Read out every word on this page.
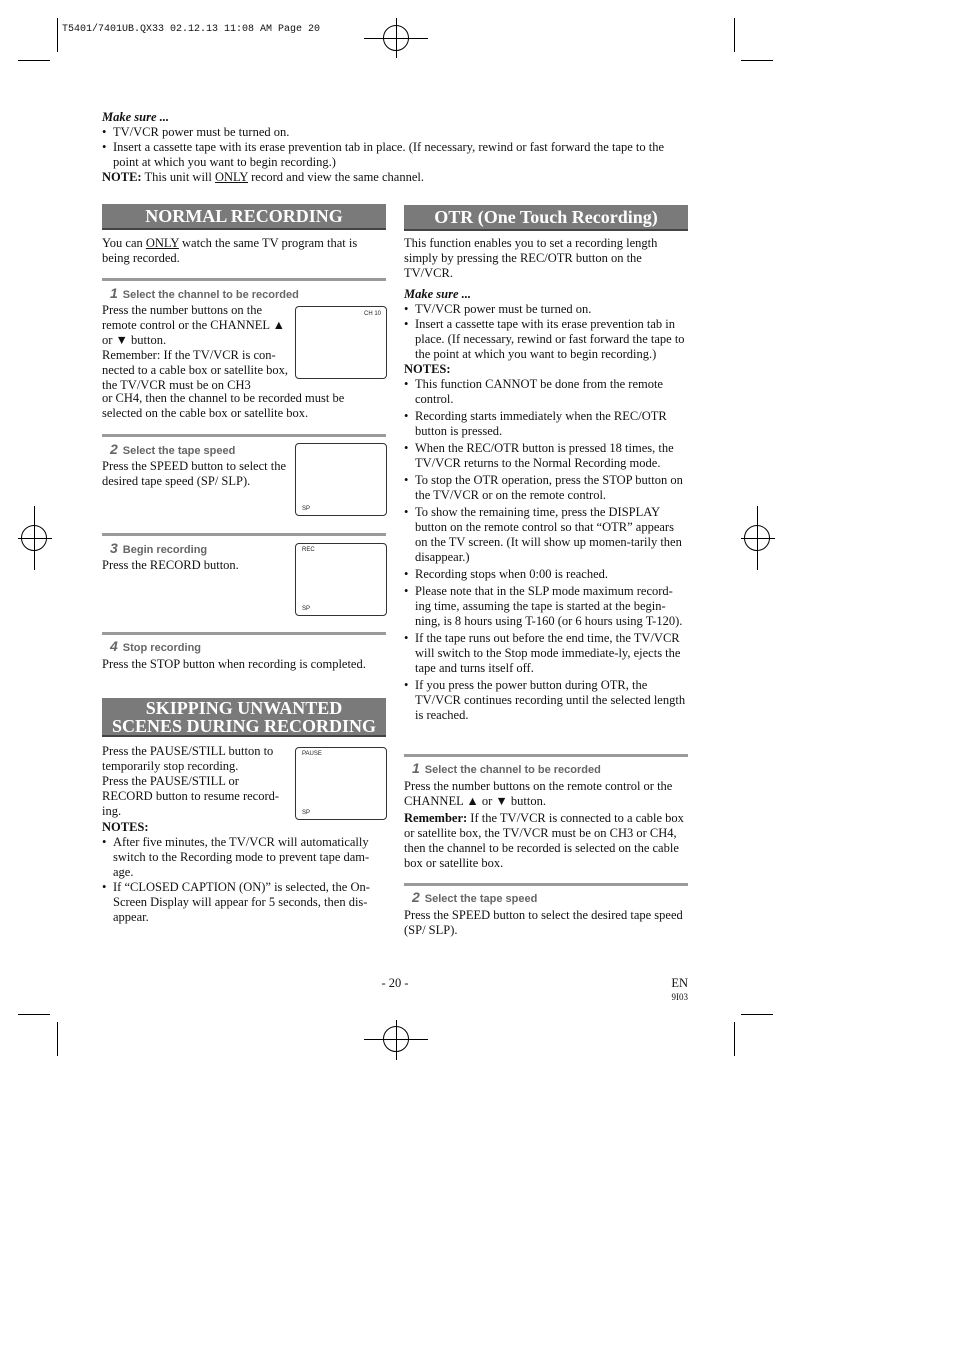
T5401/7401UB.QX33 02.12.13 11:08 AM Page 20
Make sure ...
• TV/VCR power must be turned on.
• Insert a cassette tape with its erase prevention tab in place. (If necessary, rewind or fast forward the tape to the point at which you want to begin recording.)
NOTE: This unit will ONLY record and view the same channel.
NORMAL RECORDING
You can ONLY watch the same TV program that is being recorded.
1 Select the channel to be recorded
CH 10
Press the number buttons on the remote control or the CHANNEL ▲ or ▼ button.
Remember: If the TV/VCR is con-nected to a cable box or satellite box, the TV/VCR must be on CH3
or CH4, then the channel to be recorded must be selected on the cable box or satellite box.
2 Select the tape speed
Press the SPEED button to select the desired tape speed (SP/ SLP).
SP
3 Begin recording
Press the RECORD button.
REC
SP
4 Stop recording
Press the STOP button when recording is completed.
SKIPPING UNWANTED
SCENES DURING RECORDING
Press the PAUSE/STILL button to temporarily stop recording.
Press the PAUSE/STILL or RECORD button to resume record-ing.
PAUSE
SP
NOTES:
• After five minutes, the TV/VCR will automatically switch to the Recording mode to prevent tape dam-age.
• If “CLOSED CAPTION (ON)” is selected, the On-Screen Display will appear for 5 seconds, then dis-appear.
OTR (One Touch Recording)
This function enables you to set a recording length simply by pressing the REC/OTR button on the TV/VCR.
Make sure ...
• TV/VCR power must be turned on.
• Insert a cassette tape with its erase prevention tab in place. (If necessary, rewind or fast forward the tape to the point at which you want to begin recording.)
NOTES:
• This function CANNOT be done from the remote control.
• Recording starts immediately when the REC/OTR button is pressed.
• When the REC/OTR button is pressed 18 times, the TV/VCR returns to the Normal Recording mode.
• To stop the OTR operation, press the STOP button on the TV/VCR or on the remote control.
• To show the remaining time, press the DISPLAY button on the remote control so that “OTR” appears on the TV screen. (It will show up momen-tarily then disappear.)
• Recording stops when 0:00 is reached.
• Please note that in the SLP mode maximum record-ing time, assuming the tape is started at the begin-ning, is 8 hours using T-160 (or 6 hours using T-120).
• If the tape runs out before the end time, the TV/VCR will switch to the Stop mode immediate-ly, ejects the tape and turns itself off.
• If you press the power button during OTR, the TV/VCR continues recording until the selected length is reached.
1 Select the channel to be recorded
Press the number buttons on the remote control or the CHANNEL ▲ or ▼ button.
Remember: If the TV/VCR is connected to a cable box or satellite box, the TV/VCR must be on CH3 or CH4, then the channel to be recorded is selected on the cable box or satellite box.
2 Select the tape speed
Press the SPEED button to select the desired tape speed (SP/ SLP).
- 20 -	EN
9I03
